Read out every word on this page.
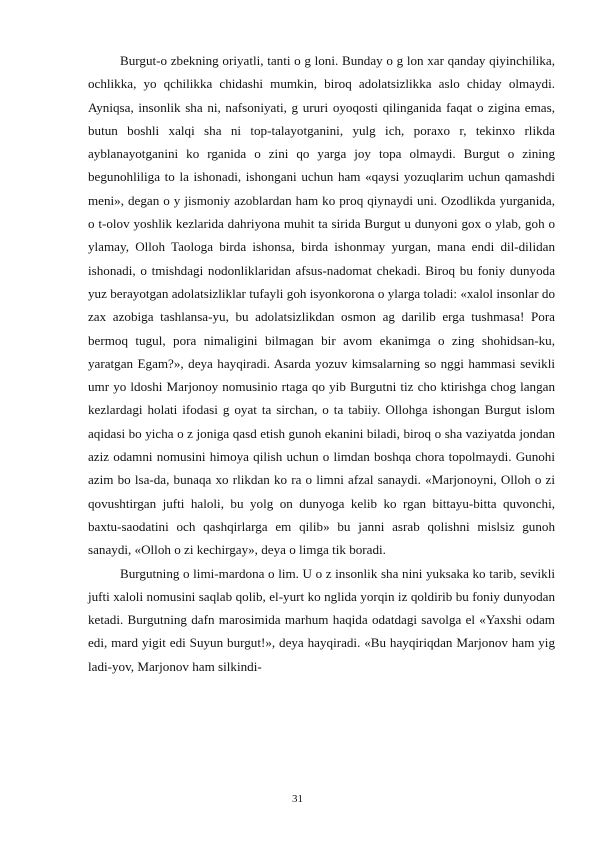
Burgut-o zbekning oriyatli, tanti o g loni. Bunday o g lon xar qanday qiyinchilika, ochlikka, yo qchilikka chidashi mumkin, biroq adolatsizlikka aslo chiday olmaydi. Ayniqsa, insonlik sha ni, nafsoniyati, g ururi oyoqosti qilinganida faqat o zigina emas, butun boshli xalqi sha ni top-talayotganini, yulg ich, poraxo r, tekinxo rlikda ayblanayotganini ko rganida o zini qo yarga joy topa olmaydi. Burgut o zining begunohliliga to la ishonadi, ishongani uchun ham «qaysi yozuqlarim uchun qamashdi meni», degan o y jismoniy azoblardan ham ko proq qiynaydi uni. Ozodlikda yurganida, o t-olov yoshlik kezlarida dahriyona muhit ta sirida Burgut u dunyoni gox o ylab, goh o ylamay, Olloh Taologa birda ishonsa, birda ishonmay yurgan, mana endi dil-dilidan ishonadi, o tmishdagi nodonliklaridan afsus-nadomat chekadi. Biroq bu foniy dunyoda yuz berayotgan adolatsizliklar tufayli goh isyonkorona o ylarga toladi: «xalol insonlar do zax azobiga tashlansa-yu, bu adolatsizlikdan osmon ag darilib erga tushmasa! Pora bermoq tugul, pora nimaligini bilmagan bir avom ekanimga o zing shohidsan-ku, yaratgan Egam?», deya hayqiradi. Asarda yozuv kimsalarning so nggi hammasi sevikli umr yo ldoshi Marjonoy nomusinio rtaga qo yib Burgutni tiz cho ktirishga chog langan kezlardagi holati ifodasi g oyat ta sirchan, o ta tabiiy. Ollohga ishongan Burgut islom aqidasi bo yicha o z joniga qasd etish gunoh ekanini biladi, biroq o sha vaziyatda jondan aziz odamni nomusini himoya qilish uchun o limdan boshqa chora topolmaydi. Gunohi azim bo lsa-da, bunaqa xo rlikdan ko ra o limni afzal sanaydi. «Marjonoyni, Olloh o zi qovushtirgan jufti haloli, bu yolg on dunyoga kelib ko rgan bittayu-bitta quvonchi, baxtu-saodatini och qashqirlarga em qilib» bu janni asrab qolishni mislsiz gunoh sanaydi, «Olloh o zi kechirgay», deya o limga tik boradi.

Burgutning o limi-mardona o lim. U o z insonlik sha nini yuksaka ko tarib, sevikli jufti xaloli nomusini saqlab qolib, el-yurt ko nglida yorqin iz qoldirib bu foniy dunyodan ketadi. Burgutning dafn marosimida marhum haqida odatdagi savolga el «Yaxshi odam edi, mard yigit edi Suyun burgut!», deya hayqiradi. «Bu hayqiriqdan Marjonov ham yig ladi-yov, Marjonov ham silkindi-

31
